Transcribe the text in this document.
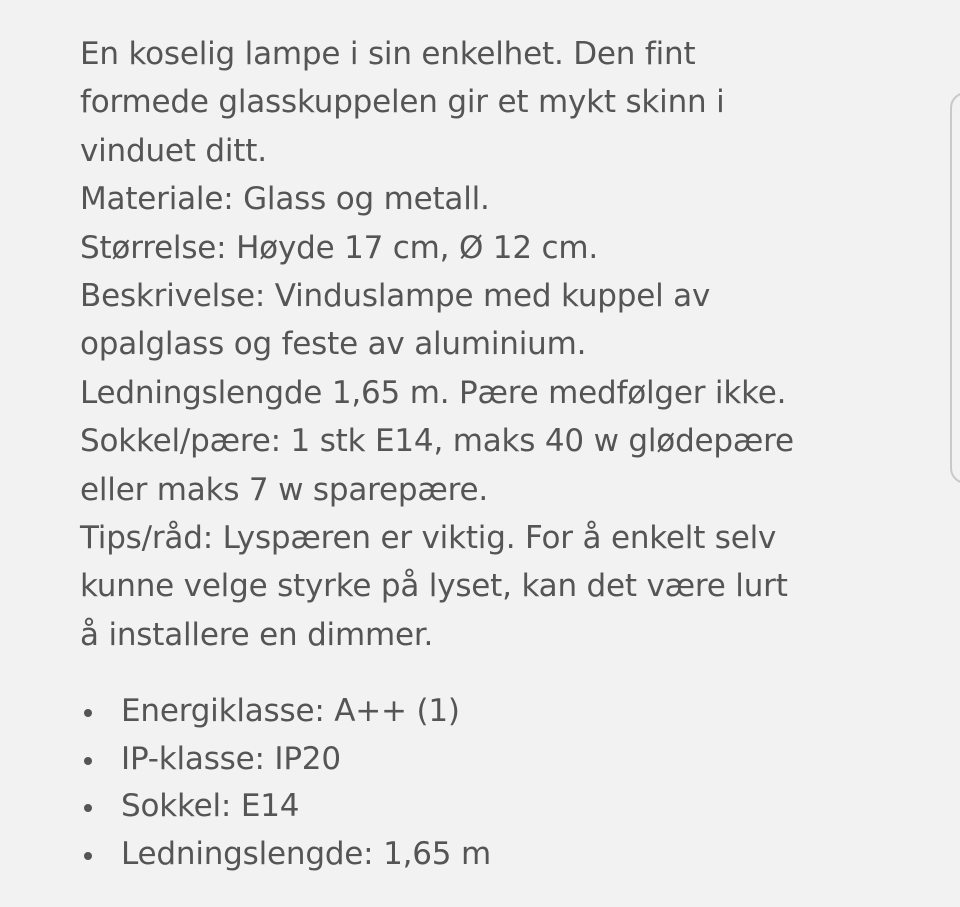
En koselig lampe i sin enkelhet. Den fint
formede glasskuppelen gir et mykt skinn i
vinduet ditt.
Materiale: Glass og metall.
Størrelse: Høyde 17 cm, Ø 12 cm.
Beskrivelse: Vinduslampe med kuppel av
opalglass og feste av aluminium.
Ledningslengde 1,65 m. Pære medfølger ikke.
Sokkel/pære: 1 stk E14, maks 40 w glødepære
eller maks 7 w sparepære.
Tips/råd: Lyspæren er viktig. For å enkelt selv
kunne velge styrke på lyset, kan det være lurt
å installere en dimmer.
Energiklasse: A++ (1)
IP-klasse: IP20
Sokkel: E14
Ledningslengde: 1,65 m
